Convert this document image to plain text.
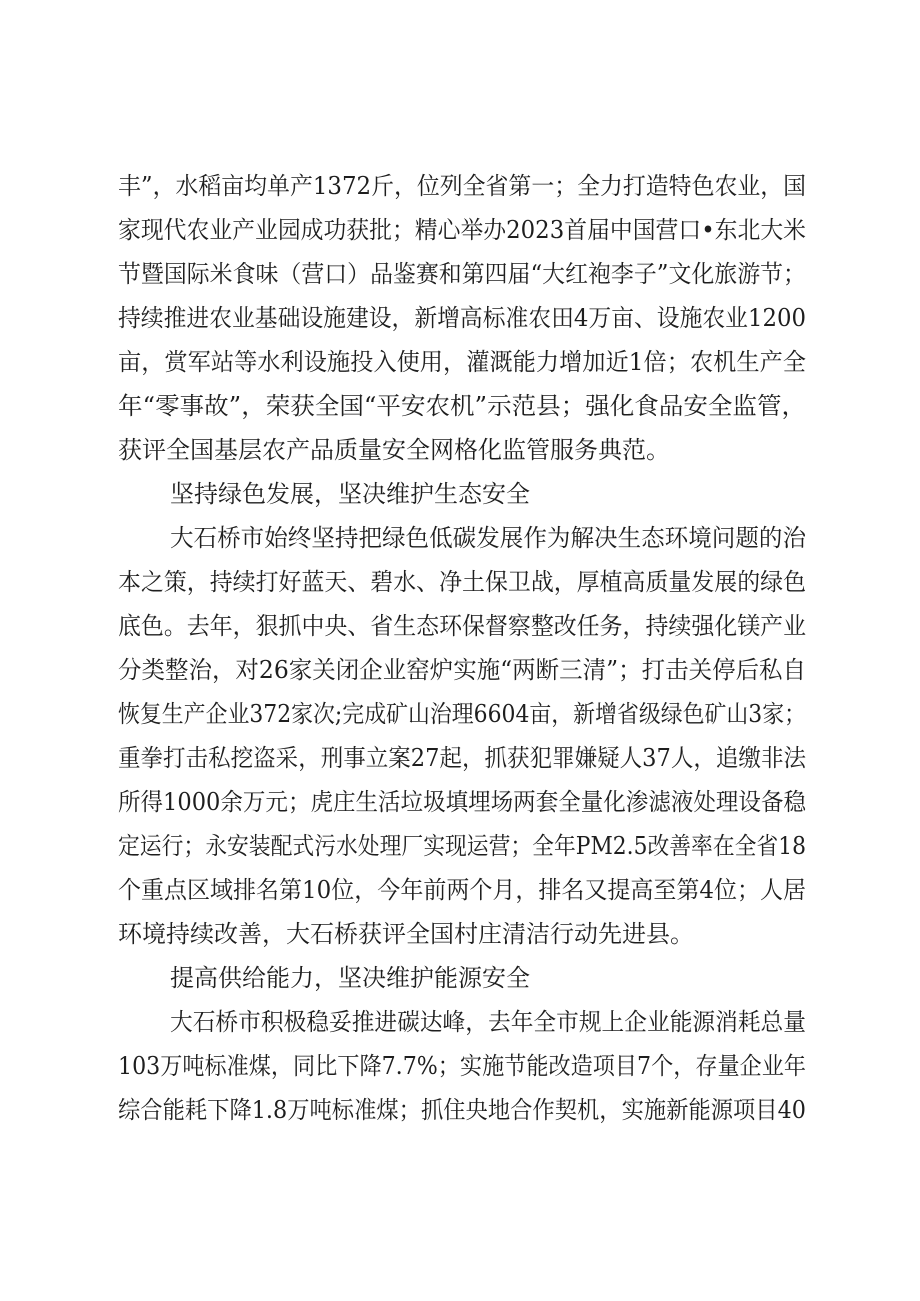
丰”，水稻亩均单产1372斤，位列全省第一；全力打造特色农业，国
家现代农业产业园成功获批；精心举办2023首届中国营口•东北大米
节暨国际米食味（营口）品鉴赛和第四届“大红袍李子”文化旅游节；
持续推进农业基础设施建设，新增高标准农田4万亩、设施农业1200
亩，赏军站等水利设施投入使用，灌溉能力增加近1倍；农机生产全
年“零事故”，荣获全国“平安农机”示范县；强化食品安全监管，
获评全国基层农产品质量安全网格化监管服务典范。
坚持绿色发展，坚决维护生态安全
大石桥市始终坚持把绿色低碳发展作为解决生态环境问题的治
本之策，持续打好蓝天、碧水、净土保卫战，厚植高质量发展的绿色
底色。去年，狠抓中央、省生态环保督察整改任务，持续强化镁产业
分类整治，对26家关闭企业窑炉实施“两断三清”；打击关停后私自
恢复生产企业372家次;完成矿山治理6604亩，新增省级绿色矿山3家；
重拳打击私挖盗采，刑事立案27起，抓获犯罪嫌疑人37人，追缴非法
所得1000余万元；虎庄生活垃圾填埋场两套全量化渗滤液处理设备稳
定运行；永安装配式污水处理厂实现运营；全年PM2.5改善率在全省18
个重点区域排名第10位，今年前两个月，排名又提高至第4位；人居
环境持续改善，大石桥获评全国村庄清洁行动先进县。
提高供给能力，坚决维护能源安全
大石桥市积极稳妥推进碳达峰，去年全市规上企业能源消耗总量
103万吨标准煤，同比下降7.7%；实施节能改造项目7个，存量企业年
综合能耗下降1.8万吨标准煤；抓住央地合作契机，实施新能源项目40
